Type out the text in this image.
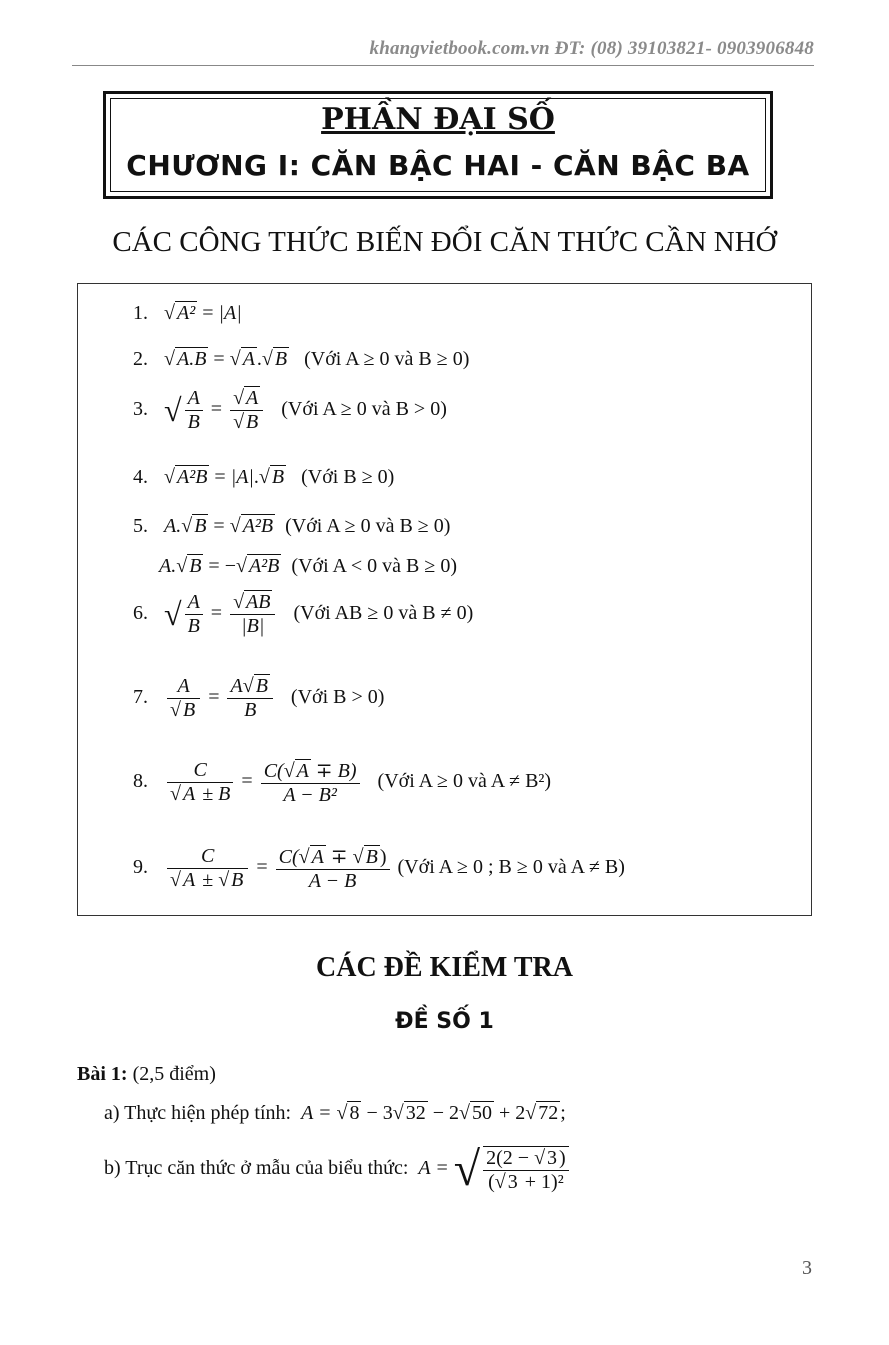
khangvietbook.com.vn ĐT: (08) 39103821- 0903906848
PHẦN ĐẠI SỐ
CHƯƠNG I: CĂN BẬC HAI - CĂN BẬC BA
CÁC CÔNG THỨC BIẾN ĐỔI CĂN THỨC CẦN NHỚ
1. √ A² = |A|
2. √ A.B = √ A .√ B (Với A ≥ 0 và B ≥ 0)
3. √ $\frac{A}{B} = \frac{√ A}{√ B}$ (Với A ≥ 0 và B > 0)
4. √ A²B = |A|.√ B (Với B ≥ 0)
5. A.√ B = √ A²B (Với A ≥ 0 và B ≥ 0)
A.√ B = −√ A²B (Với A < 0 và B ≥ 0)
6. √ $\frac{A}{B} = \frac{√ AB}{|B|}$ (Với AB ≥ 0 và B ≠ 0)
7. $\frac{A}{√ B} = \frac{A√ B}{B}$ (Với B > 0)
8. $\frac{C}{√ A \pm B} = \frac{C(√ A \mp B)}{\text{A − B²}}$ (Với A ≥ 0 và A ≠ B²)
9. $\frac{C}{√ A \pm √ B} = \frac{C(√ A \mp √ B )}{A - B}$ (Với A ≥ 0 ; B ≥ 0 và A ≠ B)
CÁC ĐỀ KIỂM TRA
ĐỀ SỐ 1
Bài 1: (2,5 điểm)
a) Thực hiện phép tính: A = √ 8 − 3√ 32 − 2√ 50 + 2√ 72 ;
b) Trục căn thức ở mẫu của biểu thức: A = √ $\frac{2(2 - √ 3 )}{\text{(√ 3 + 1)²}}$
3
